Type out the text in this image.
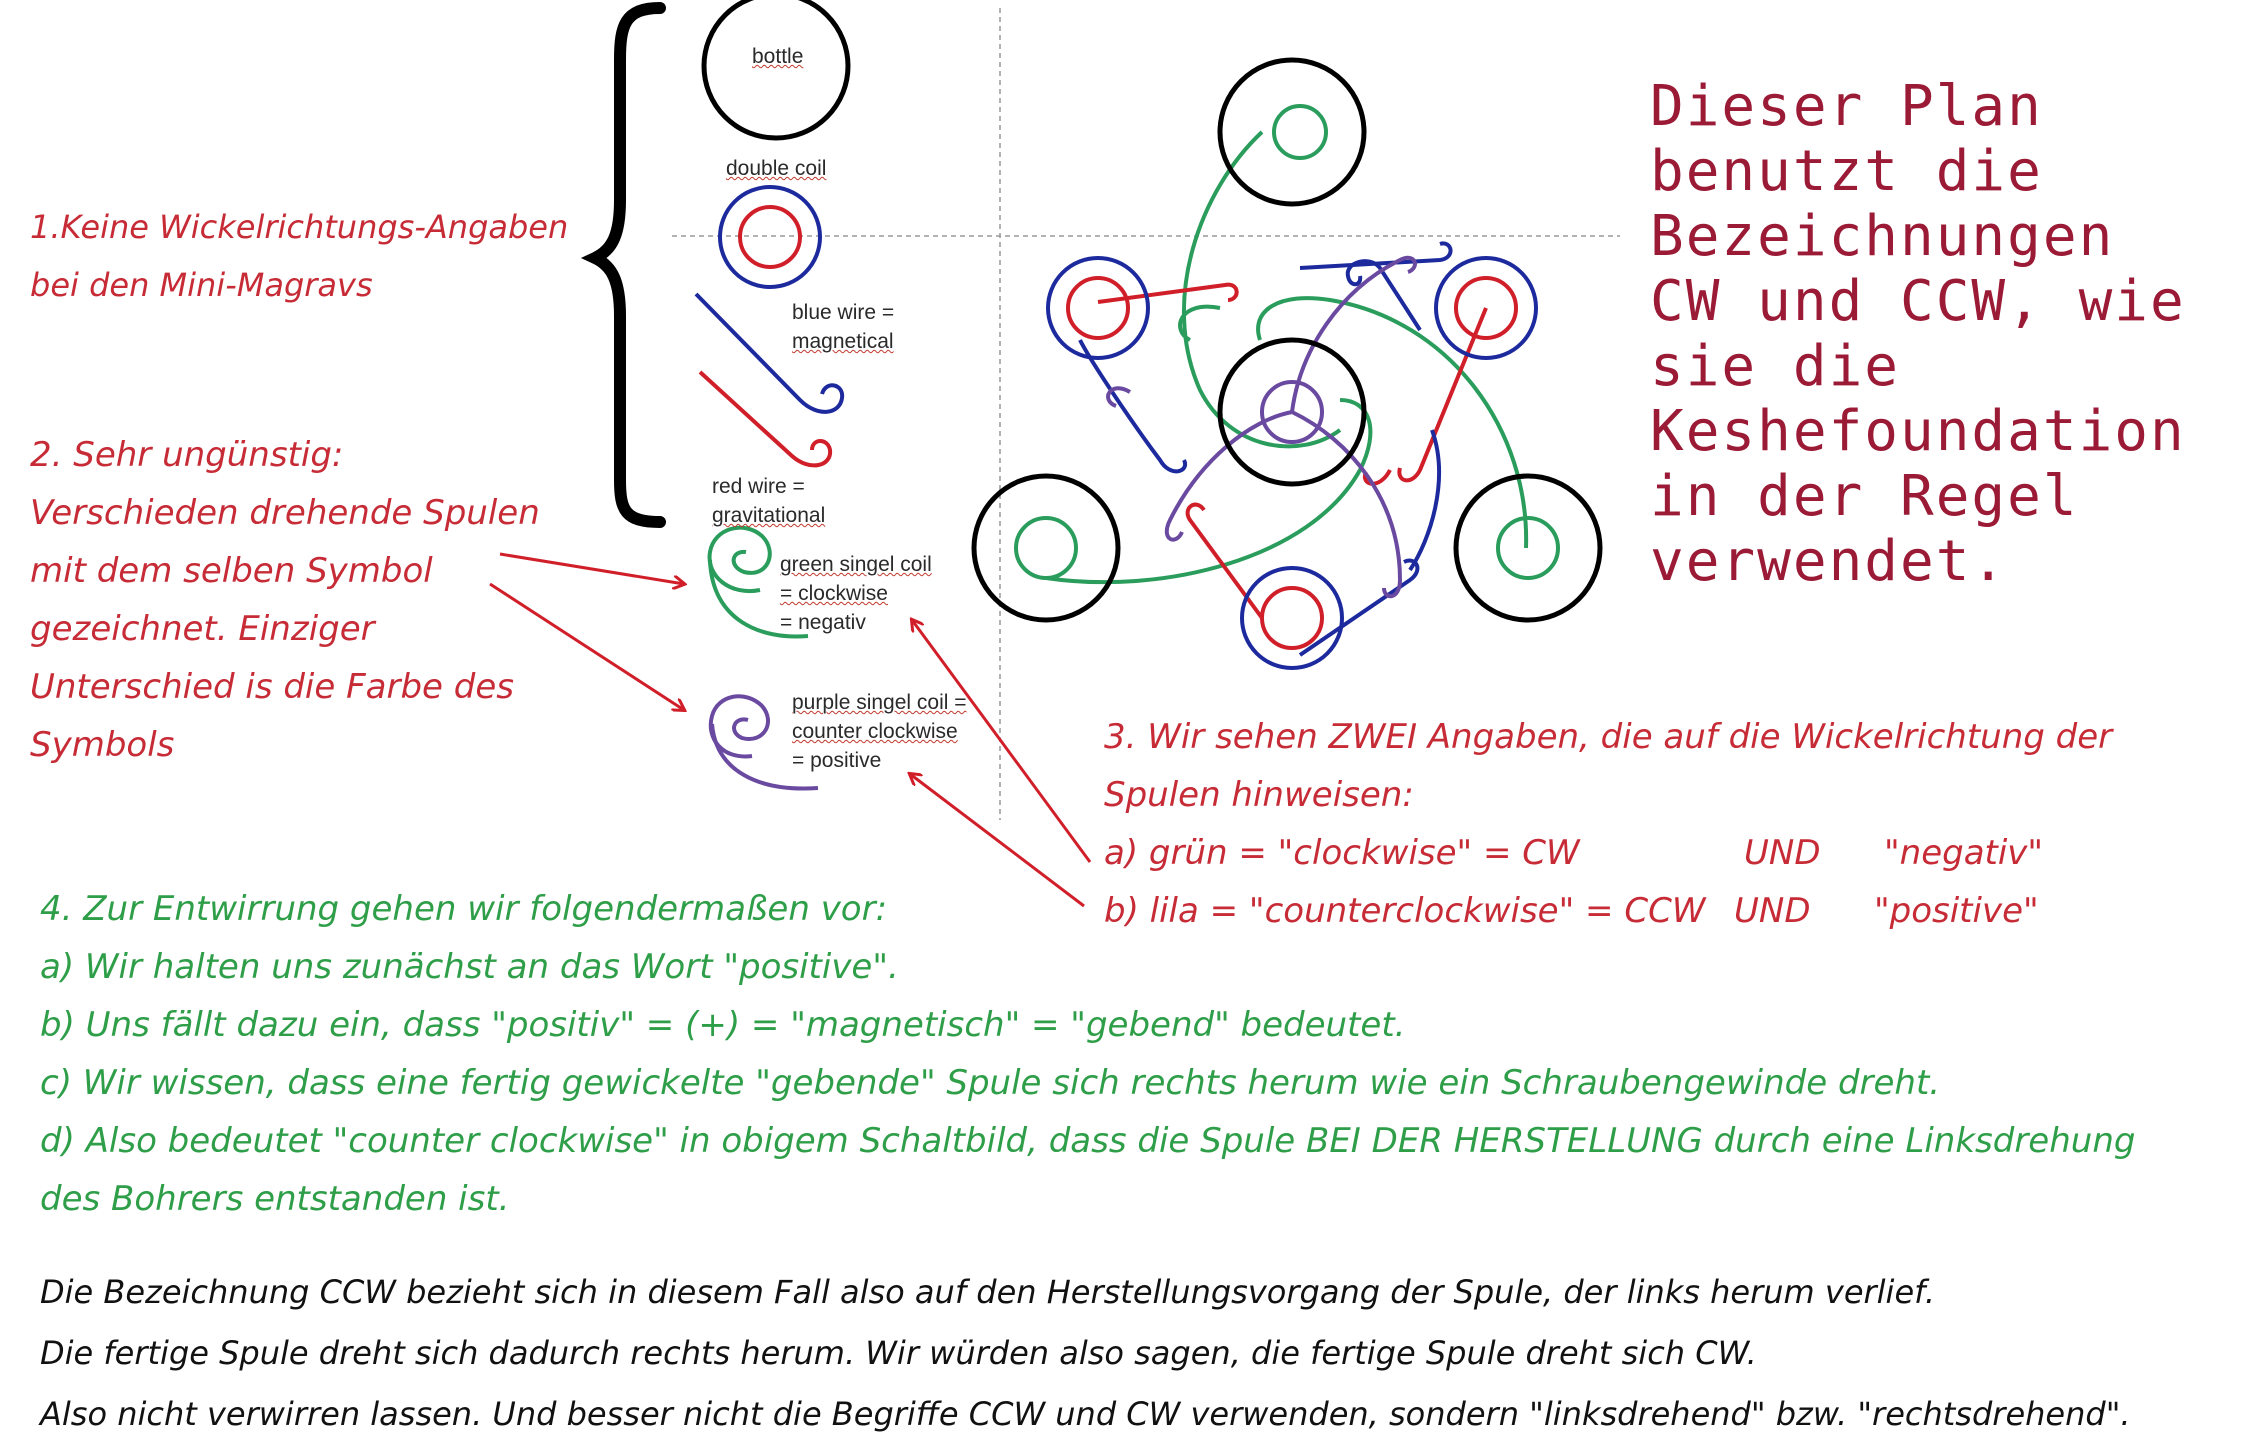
1.Keine Wickelrichtungs-Angaben
bei den Mini-Magravs
2. Sehr ungünstig:
Verschieden drehende Spulen
mit dem selben Symbol
gezeichnet. Einziger
Unterschied is die Farbe des
Symbols
bottle
double coil
blue wire =
magnetical
red wire =
gravitational
green singel coil
= clockwise
= negativ
purple singel coil =
counter clockwise
= positive
Dieser Plan
benutzt die
Bezeichnungen
CW und CCW, wie
sie die
Keshefoundation
in der Regel
verwendet.
3. Wir sehen ZWEI Angaben, die auf die Wickelrichtung der
Spulen hinweisen:
a) grün = "clockwise" = CW	UND	"negativ"
b) lila = "counterclockwise" = CCW UND	"positive"
4. Zur Entwirrung gehen wir folgendermaßen vor:
a) Wir halten uns zunächst an das Wort "positive".
b) Uns fällt dazu ein, dass "positiv" = (+) = "magnetisch" = "gebend" bedeutet.
c) Wir wissen, dass eine fertig gewickelte "gebende" Spule sich rechts herum wie ein Schraubengewinde dreht.
d) Also bedeutet "counter clockwise" in obigem Schaltbild, dass die Spule BEI DER HERSTELLUNG durch eine Linksdrehung
des Bohrers entstanden ist.
Die Bezeichnung CCW bezieht sich in diesem Fall also auf den Herstellungsvorgang der Spule, der links herum verlief.
Die fertige Spule dreht sich dadurch rechts herum. Wir würden also sagen, die fertige Spule dreht sich CW.
Also nicht verwirren lassen. Und besser nicht die Begriffe CCW und CW verwenden, sondern "linksdrehend" bzw. "rechtsdrehend".
